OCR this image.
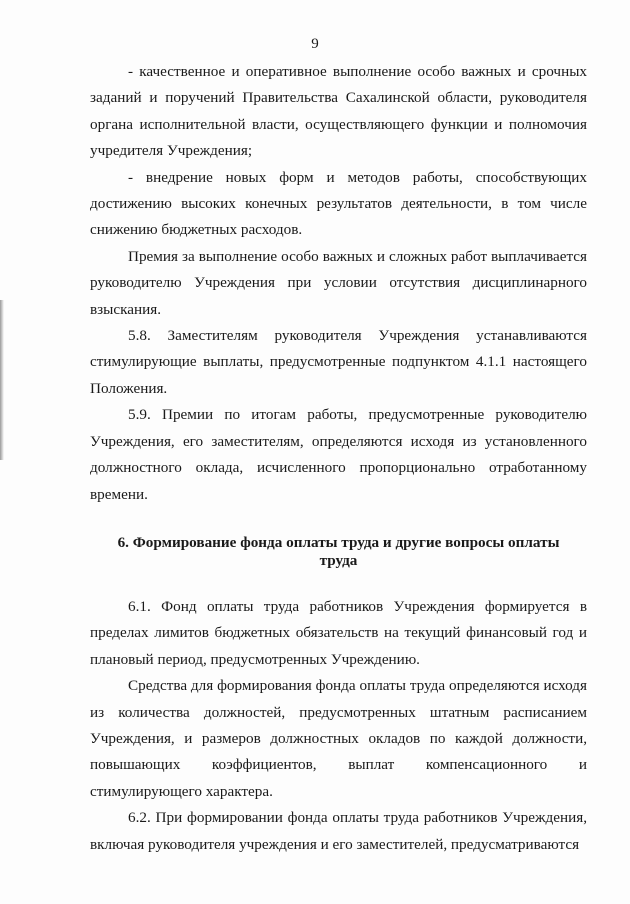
9

- качественное и оперативное выполнение особо важных и срочных заданий и поручений Правительства Сахалинской области, руководителя органа исполнительной власти, осуществляющего функции и полномочия учредителя Учреждения;

- внедрение новых форм и методов работы, способствующих достижению высоких конечных результатов деятельности, в том числе снижению бюджетных расходов.

Премия за выполнение особо важных и сложных работ выплачивается руководителю Учреждения при условии отсутствия дисциплинарного взыскания.

5.8. Заместителям руководителя Учреждения устанавливаются стимулирующие выплаты, предусмотренные подпунктом 4.1.1 настоящего Положения.

5.9. Премии по итогам работы, предусмотренные руководителю Учреждения, его заместителям, определяются исходя из установленного должностного оклада, исчисленного пропорционально отработанному времени.

6. Формирование фонда оплаты труда и другие вопросы оплаты труда

6.1. Фонд оплаты труда работников Учреждения формируется в пределах лимитов бюджетных обязательств на текущий финансовый год и плановый период, предусмотренных Учреждению.

Средства для формирования фонда оплаты труда определяются исходя из количества должностей, предусмотренных штатным расписанием Учреждения, и размеров должностных окладов по каждой должности, повышающих коэффициентов, выплат компенсационного и стимулирующего характера.

6.2. При формировании фонда оплаты труда работников Учреждения, включая руководителя учреждения и его заместителей, предусматриваются
